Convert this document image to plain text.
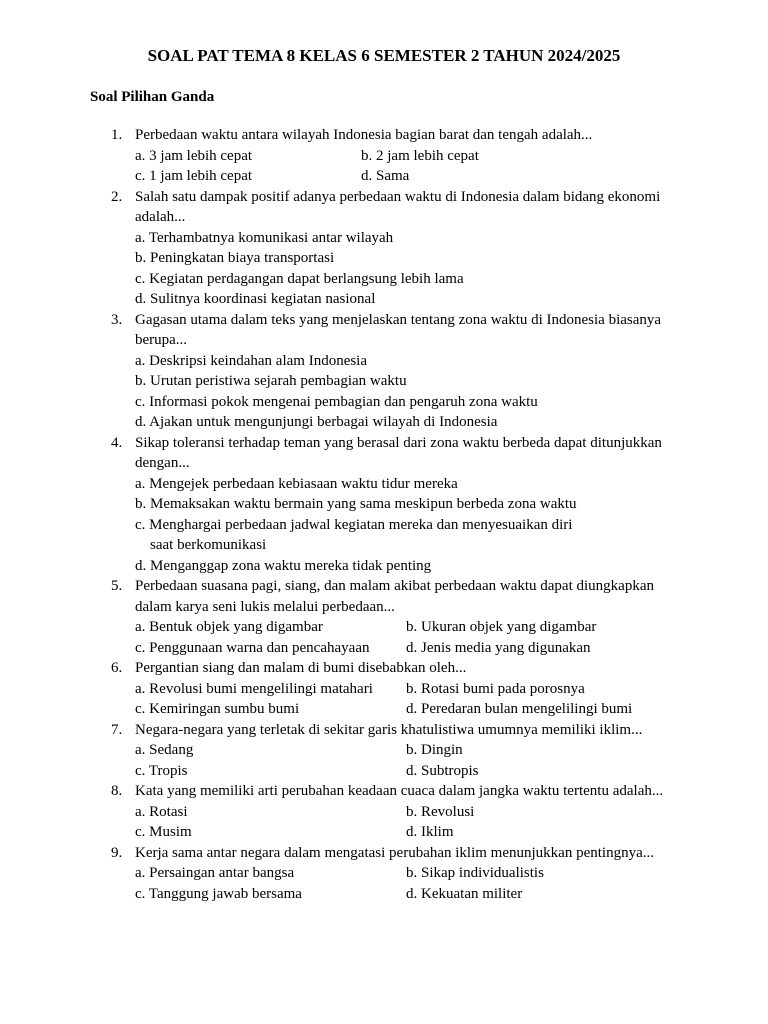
SOAL PAT TEMA 8 KELAS 6 SEMESTER 2 TAHUN 2024/2025
Soal Pilihan Ganda
1. Perbedaan waktu antara wilayah Indonesia bagian barat dan tengah adalah...
a. 3 jam lebih cepat	b. 2 jam lebih cepat
c. 1 jam lebih cepat	d. Sama
2. Salah satu dampak positif adanya perbedaan waktu di Indonesia dalam bidang ekonomi adalah...
a. Terhambatnya komunikasi antar wilayah
b. Peningkatan biaya transportasi
c. Kegiatan perdagangan dapat berlangsung lebih lama
d. Sulitnya koordinasi kegiatan nasional
3. Gagasan utama dalam teks yang menjelaskan tentang zona waktu di Indonesia biasanya berupa...
a. Deskripsi keindahan alam Indonesia
b. Urutan peristiwa sejarah pembagian waktu
c. Informasi pokok mengenai pembagian dan pengaruh zona waktu
d. Ajakan untuk mengunjungi berbagai wilayah di Indonesia
4. Sikap toleransi terhadap teman yang berasal dari zona waktu berbeda dapat ditunjukkan dengan...
a. Mengejek perbedaan kebiasaan waktu tidur mereka
b. Memaksakan waktu bermain yang sama meskipun berbeda zona waktu
c. Menghargai perbedaan jadwal kegiatan mereka dan menyesuaikan diri
saat berkomunikasi
d. Menganggap zona waktu mereka tidak penting
5. Perbedaan suasana pagi, siang, dan malam akibat perbedaan waktu dapat diungkapkan dalam karya seni lukis melalui perbedaan...
a. Bentuk objek yang digambar	b. Ukuran objek yang digambar
c. Penggunaan warna dan pencahayaan d. Jenis media yang digunakan
6. Pergantian siang dan malam di bumi disebabkan oleh...
a. Revolusi bumi mengelilingi matahari b. Rotasi bumi pada porosnya
c. Kemiringan sumbu bumi	d. Peredaran bulan mengelilingi bumi
7. Negara-negara yang terletak di sekitar garis khatulistiwa umumnya memiliki iklim...
a. Sedang	b. Dingin
c. Tropis	d. Subtropis
8. Kata yang memiliki arti perubahan keadaan cuaca dalam jangka waktu tertentu adalah...
a. Rotasi	b. Revolusi
c. Musim	d. Iklim
9. Kerja sama antar negara dalam mengatasi perubahan iklim menunjukkan pentingnya...
a. Persaingan antar bangsa	b. Sikap individualistis
c. Tanggung jawab bersama	d. Kekuatan militer
